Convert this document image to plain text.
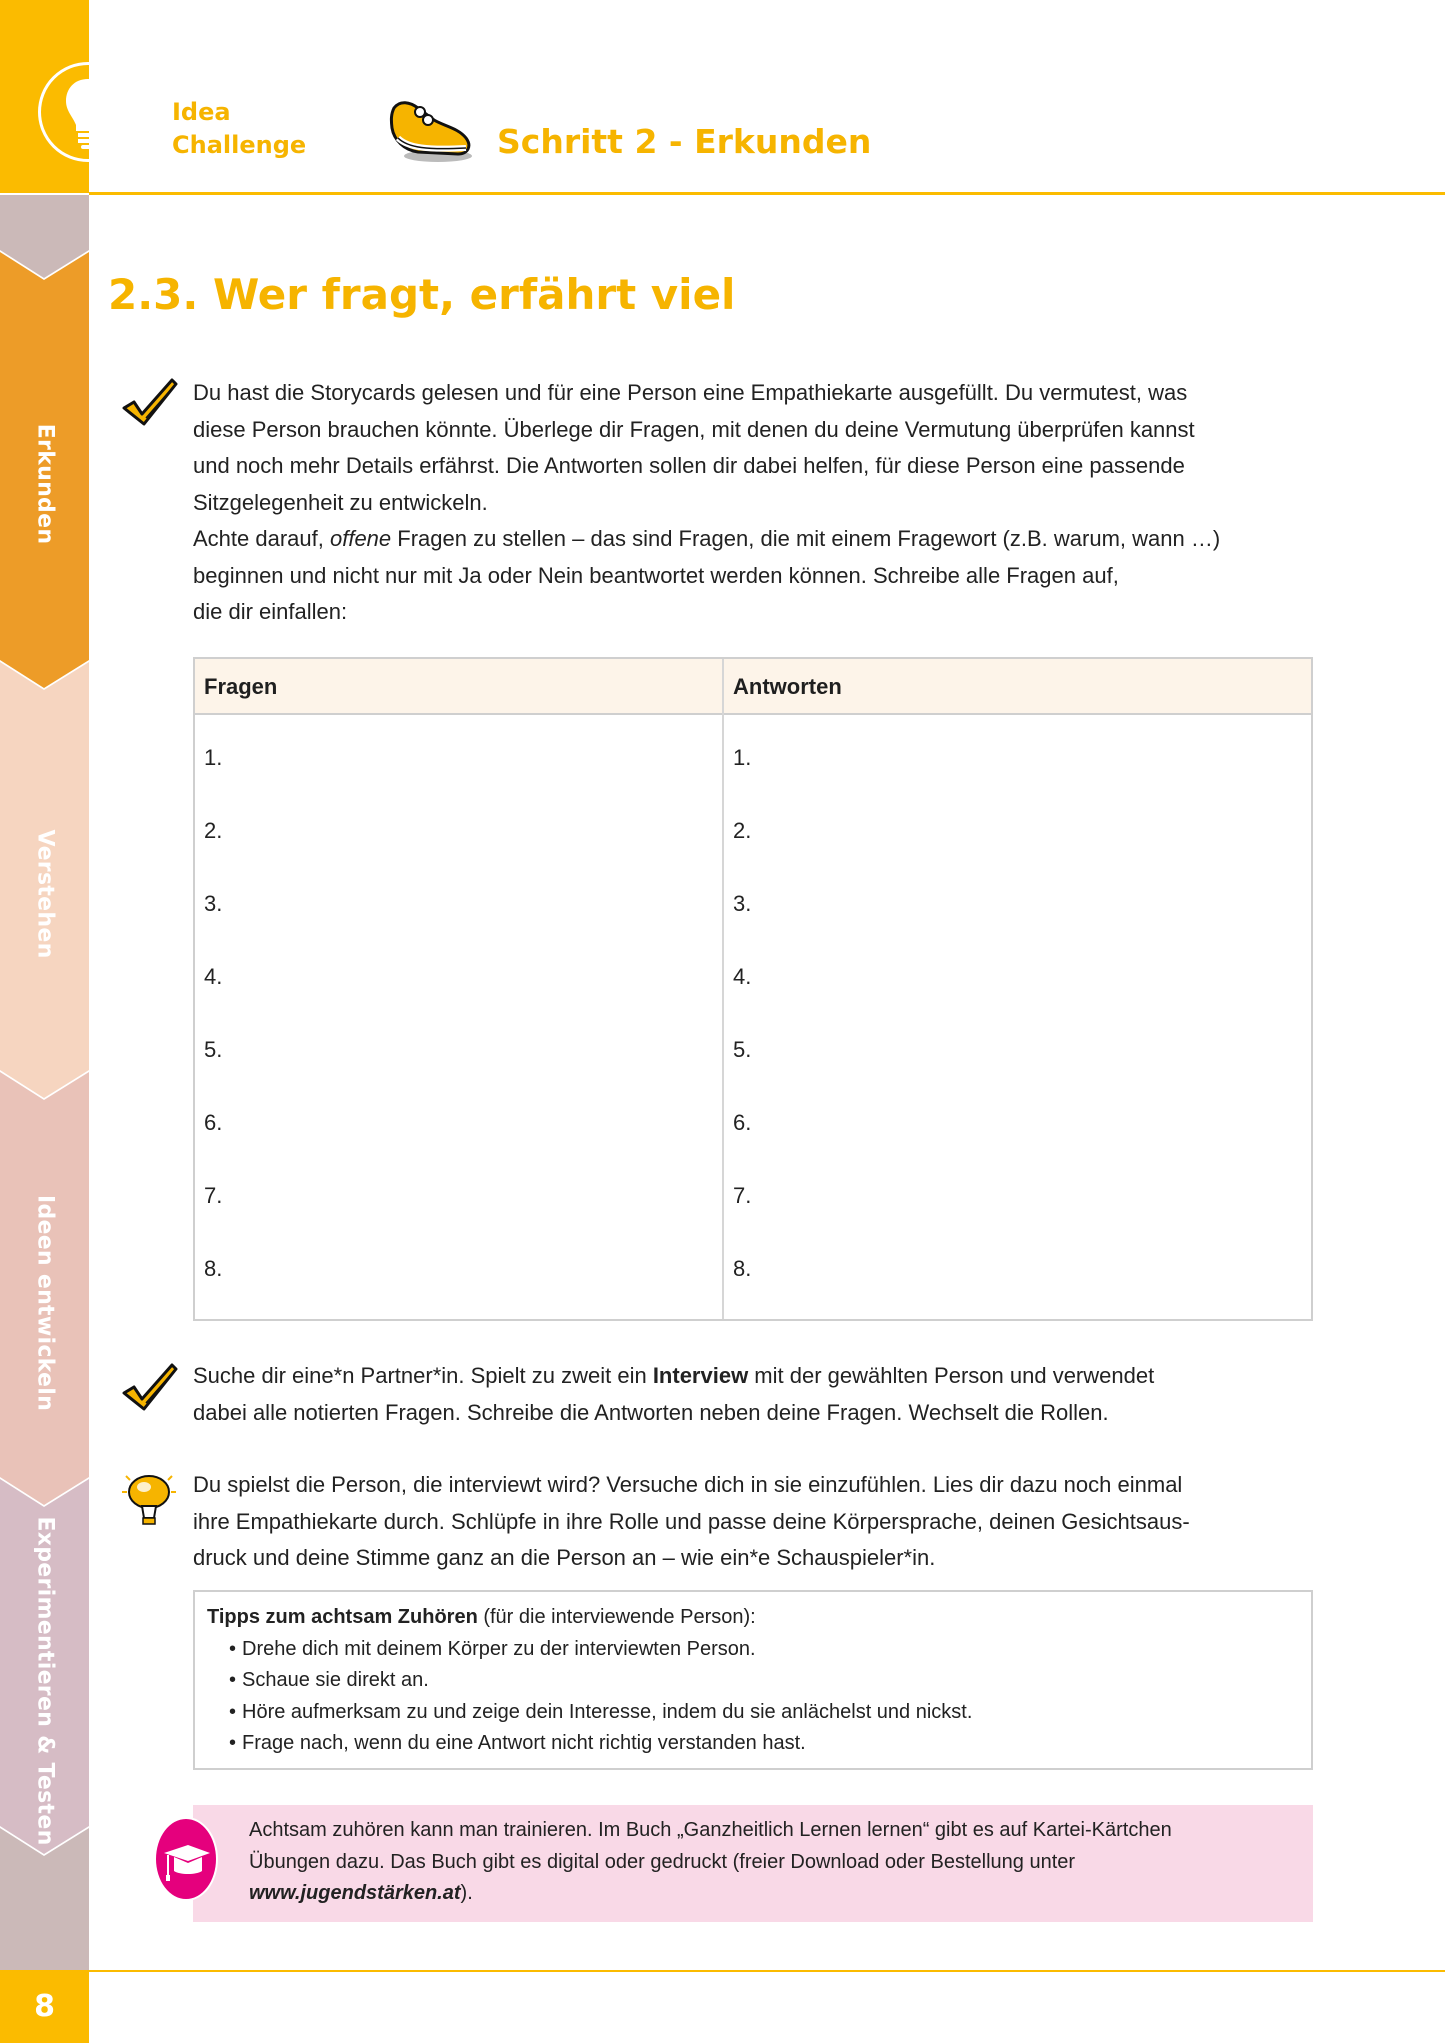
Erkunden
Verstehen
Ideen entwickeln
Experimentieren & Testen
8
Idea
Challenge	Schritt 2 - Erkunden
2.3. Wer fragt, erfährt viel
Du hast die Storycards gelesen und für eine Person eine Empathiekarte ausgefüllt. Du vermutest, was
diese Person brauchen könnte. Überlege dir Fragen, mit denen du deine Vermutung überprüfen kannst
und noch mehr Details erfährst. Die Antworten sollen dir dabei helfen, für diese Person eine passende
Sitzgelegenheit zu entwickeln.
Achte darauf, offene Fragen zu stellen – das sind Fragen, die mit einem Fragewort (z.B. warum, wann …)
beginnen und nicht nur mit Ja oder Nein beantwortet werden können. Schreibe alle Fragen auf,
die dir einfallen:
Fragen	Antworten
1.	1.
2.	2.
3.	3.
4.	4.
5.	5.
6.	6.
7.	7.
8.	8.
Suche dir eine*n Partner*in. Spielt zu zweit ein Interview mit der gewählten Person und verwendet
dabei alle notierten Fragen. Schreibe die Antworten neben deine Fragen. Wechselt die Rollen.
Du spielst die Person, die interviewt wird? Versuche dich in sie einzufühlen. Lies dir dazu noch einmal
ihre Empathiekarte durch. Schlüpfe in ihre Rolle und passe deine Körpersprache, deinen Gesichtsaus-
druck und deine Stimme ganz an die Person an – wie ein*e Schauspieler*in.
Tipps zum achtsam Zuhören (für die interviewende Person):
• Drehe dich mit deinem Körper zu der interviewten Person.
• Schaue sie direkt an.
• Höre aufmerksam zu und zeige dein Interesse, indem du sie anlächelst und nickst.
• Frage nach, wenn du eine Antwort nicht richtig verstanden hast.
Achtsam zuhören kann man trainieren. Im Buch „Ganzheitlich Lernen lernen“ gibt es auf Kartei-Kärtchen
Übungen dazu. Das Buch gibt es digital oder gedruckt (freier Download oder Bestellung unter
www.jugendstärken.at).
